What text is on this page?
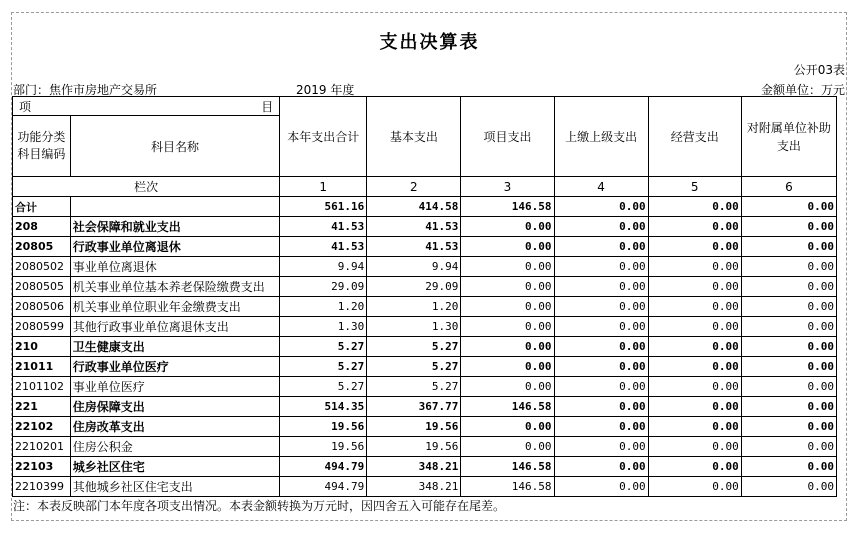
支出决算表
公开03表
部门：焦作市房地产交易所	2019 年度	金额单位：万元
项 目		本年支出合计	基本支出	项目支出	上缴上级支出	经营支出	对附属单位补助支出
功能分类科目编码	科目名称						
栏次		1	2	3	4	5	6
合计		561.16	414.58	146.58	0.00	0.00	0.00
208	社会保障和就业支出	41.53	41.53	0.00	0.00	0.00	0.00
20805	行政事业单位离退休	41.53	41.53	0.00	0.00	0.00	0.00
2080502	事业单位离退休	9.94	9.94	0.00	0.00	0.00	0.00
2080505	机关事业单位基本养老保险缴费支出	29.09	29.09	0.00	0.00	0.00	0.00
2080506	机关事业单位职业年金缴费支出	1.20	1.20	0.00	0.00	0.00	0.00
2080599	其他行政事业单位离退休支出	1.30	1.30	0.00	0.00	0.00	0.00
210	卫生健康支出	5.27	5.27	0.00	0.00	0.00	0.00
21011	行政事业单位医疗	5.27	5.27	0.00	0.00	0.00	0.00
2101102	事业单位医疗	5.27	5.27	0.00	0.00	0.00	0.00
221	住房保障支出	514.35	367.77	146.58	0.00	0.00	0.00
22102	住房改革支出	19.56	19.56	0.00	0.00	0.00	0.00
2210201	住房公积金	19.56	19.56	0.00	0.00	0.00	0.00
22103	城乡社区住宅	494.79	348.21	146.58	0.00	0.00	0.00
2210399	其他城乡社区住宅支出	494.79	348.21	146.58	0.00	0.00	0.00
注：本表反映部门本年度各项支出情况。本表金额转换为万元时，因四舍五入可能存在尾差。
